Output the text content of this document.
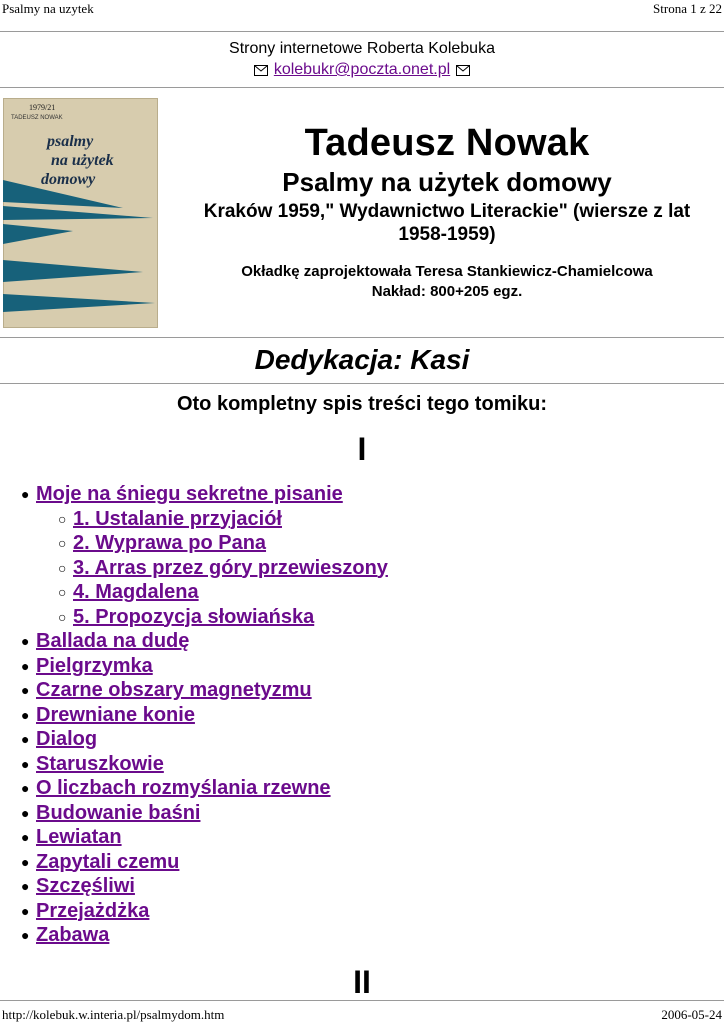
Psalmy na uzytek	Strona 1 z 22
Strony internetowe Roberta Kolebuka
kolebukr@poczta.onet.pl
1979/21
TADEUSZ NOWAK
psalmy
na użytek
domowy
Tadeusz Nowak
Psalmy na użytek domowy
Kraków 1959," Wydawnictwo Literackie" (wiersze z lat 1958-1959)
Okładkę zaprojektowała Teresa Stankiewicz-Chamielcowa
Nakład: 800+205 egz.
Dedykacja: Kasi
Oto kompletny spis treści tego tomiku:
I
● Moje na śniegu sekretne pisanie
○ 1. Ustalanie przyjaciół
○ 2. Wyprawa po Pana
○ 3. Arras przez góry przewieszony
○ 4. Magdalena
○ 5. Propozycja słowiańska
● Ballada na dudę
● Pielgrzymka
● Czarne obszary magnetyzmu
● Drewniane konie
● Dialog
● Staruszkowie
● O liczbach rozmyślania rzewne
● Budowanie baśni
● Lewiatan
● Zapytali czemu
● Szczęśliwi
● Przejażdżka
● Zabawa
II
http://kolebuk.w.interia.pl/psalmydom.htm	2006-05-24
